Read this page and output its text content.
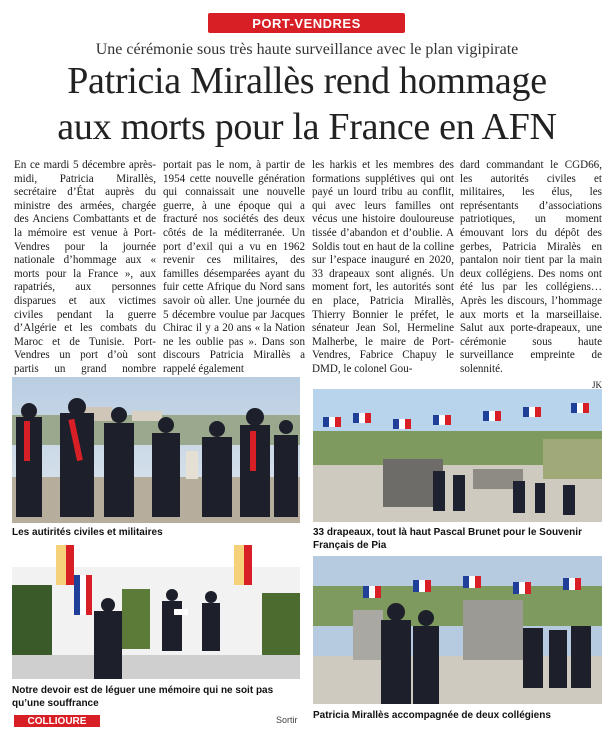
PORT-VENDRES
Une cérémonie sous très haute surveillance avec le plan vigipirate
Patricia Mirallès rend hommage
aux morts pour la France en AFN

En ce mardi 5 décembre après-midi, Patricia Mirallès, secrétaire d’État auprès du ministre des armées, chargée des Anciens Combattants et de la mémoire est venue à Port-Vendres pour la journée nationale d’hommage aux « morts pour la France », aux rapatriés, aux personnes disparues et aux victimes civiles pendant la guerre d’Algérie et les combats du Maroc et de Tunisie. Port-Vendres un port d’où sont partis un grand nombre

portait pas le nom, à partir de 1954 cette nouvelle génération qui connaissait une nouvelle guerre, à une époque qui a fracturé nos sociétés des deux côtés de la méditerranée. Un port d’exil qui a vu en 1962 revenir ces militaires, des familles désemparées ayant du fuir cette Afrique du Nord sans savoir où aller. Une journée du 5 décembre voulue par Jacques Chirac il y a 20 ans « la Nation ne les oublie pas ». Dans son discours Patricia Mirallès a rappelé également

les harkis et les membres des formations supplétives qui ont payé un lourd tribu au conflit, qui avec leurs familles ont vécus une histoire douloureuse tissée d’abandon et d’oublie. A Soldis tout en haut de la colline sur l’espace inauguré en 2020, 33 drapeaux sont alignés. Un moment fort, les autorités sont en place, Patricia Mirallès, Thierry Bonnier le préfet, le sénateur Jean Sol, Hermeline Malherbe, le maire de Port-Vendres, Fabrice Chapuy le DMD, le colonel Gou-

dard commandant le CGD66, les autorités civiles et militaires, les élus, les représentants d’associations patriotiques, un moment émouvant lors du dépôt des gerbes, Patricia Miralès en pantalon noir tient par la main deux collégiens. Des noms ont été lus par les collégiens… Après les discours, l’hommage aux morts et la marseillaise. Salut aux porte-drapeaux, une cérémonie sous haute surveillance empreinte de solennité.

JK
Les autirités civiles et militaires	33 drapeaux, tout là haut Pascal Brunet pour le Souvenir Français de Pia
Notre devoir est de léguer une mémoire qui ne soit pas qu’une souffrance
Patricia Mirallès accompagnée de deux collégiens
COLLIOURE	Sortir
